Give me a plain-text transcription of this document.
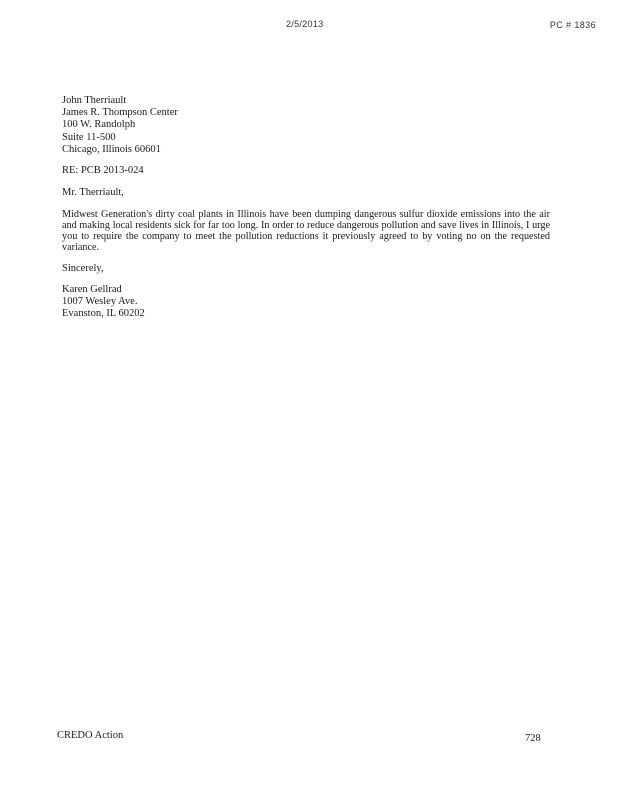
2/5/2013	PC # 1836
John Therriault
James R. Thompson Center
100 W. Randolph
Suite 11-500
Chicago, Illinois 60601
RE: PCB 2013-024
Mr. Therriault,
Midwest Generation's dirty coal plants in Illinois have been dumping dangerous sulfur dioxide emissions into the air and making local residents sick for far too long. In order to reduce dangerous pollution and save lives in Illinois, I urge you to require the company to meet the pollution reductions it previously agreed to by voting no on the requested variance.
Sincerely,
Karen Gellrad
1007 Wesley Ave.
Evanston, IL 60202
CREDO Action	728
